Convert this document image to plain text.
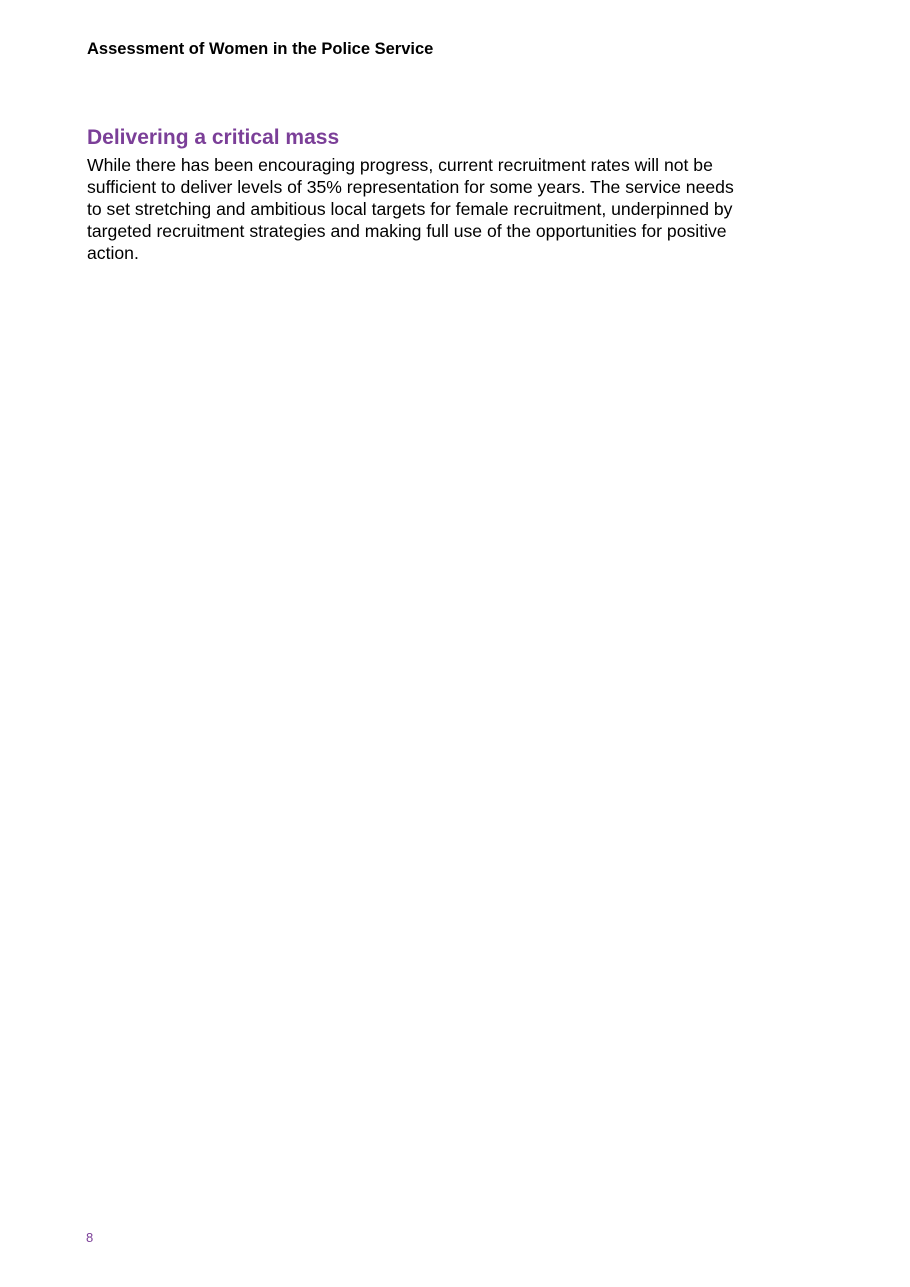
Assessment of Women in the Police Service
Delivering a critical mass

While there has been encouraging progress, current recruitment rates will not be
sufficient to deliver levels of 35% representation for some years. The service needs
to set stretching and ambitious local targets for female recruitment, underpinned by
targeted recruitment strategies and making full use of the opportunities for positive
action.

8
